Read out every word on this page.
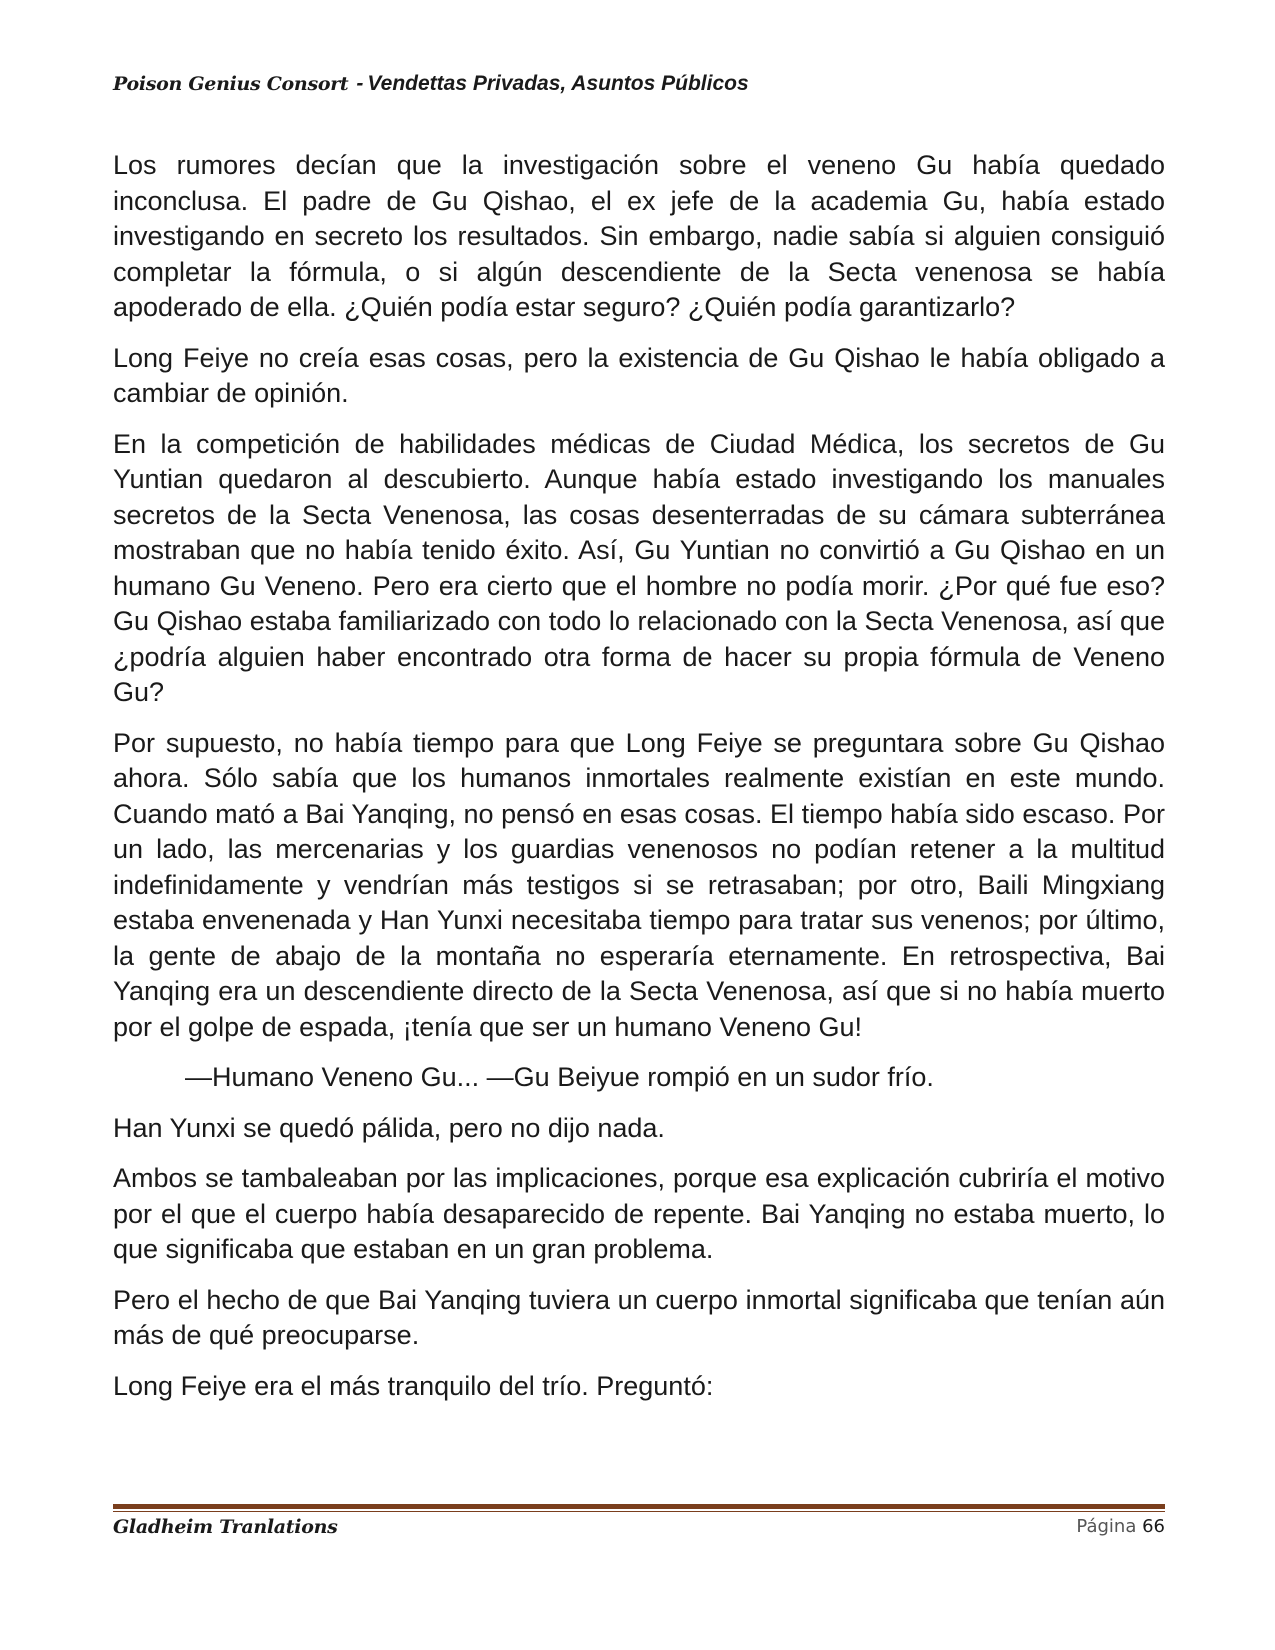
Poison Genius Consort - Vendettas Privadas, Asuntos Públicos

Los rumores decían que la investigación sobre el veneno Gu había quedado inconclusa. El padre de Gu Qishao, el ex jefe de la academia Gu, había estado investigando en secreto los resultados. Sin embargo, nadie sabía si alguien consiguió completar la fórmula, o si algún descendiente de la Secta venenosa se había apoderado de ella. ¿Quién podía estar seguro? ¿Quién podía garantizarlo?

Long Feiye no creía esas cosas, pero la existencia de Gu Qishao le había obligado a cambiar de opinión.

En la competición de habilidades médicas de Ciudad Médica, los secretos de Gu Yuntian quedaron al descubierto. Aunque había estado investigando los manuales secretos de la Secta Venenosa, las cosas desenterradas de su cámara subterránea mostraban que no había tenido éxito. Así, Gu Yuntian no convirtió a Gu Qishao en un humano Gu Veneno. Pero era cierto que el hombre no podía morir. ¿Por qué fue eso? Gu Qishao estaba familiarizado con todo lo relacionado con la Secta Venenosa, así que ¿podría alguien haber encontrado otra forma de hacer su propia fórmula de Veneno Gu?

Por supuesto, no había tiempo para que Long Feiye se preguntara sobre Gu Qishao ahora. Sólo sabía que los humanos inmortales realmente existían en este mundo. Cuando mató a Bai Yanqing, no pensó en esas cosas. El tiempo había sido escaso. Por un lado, las mercenarias y los guardias venenosos no podían retener a la multitud indefinidamente y vendrían más testigos si se retrasaban; por otro, Baili Mingxiang estaba envenenada y Han Yunxi necesitaba tiempo para tratar sus venenos; por último, la gente de abajo de la montaña no esperaría eternamente. En retrospectiva, Bai Yanqing era un descendiente directo de la Secta Venenosa, así que si no había muerto por el golpe de espada, ¡tenía que ser un humano Veneno Gu!

—Humano Veneno Gu... —Gu Beiyue rompió en un sudor frío.

Han Yunxi se quedó pálida, pero no dijo nada.

Ambos se tambaleaban por las implicaciones, porque esa explicación cubriría el motivo por el que el cuerpo había desaparecido de repente. Bai Yanqing no estaba muerto, lo que significaba que estaban en un gran problema.

Pero el hecho de que Bai Yanqing tuviera un cuerpo inmortal significaba que tenían aún más de qué preocuparse.

Long Feiye era el más tranquilo del trío. Preguntó:

Gladheim Tranlations	Página 66
